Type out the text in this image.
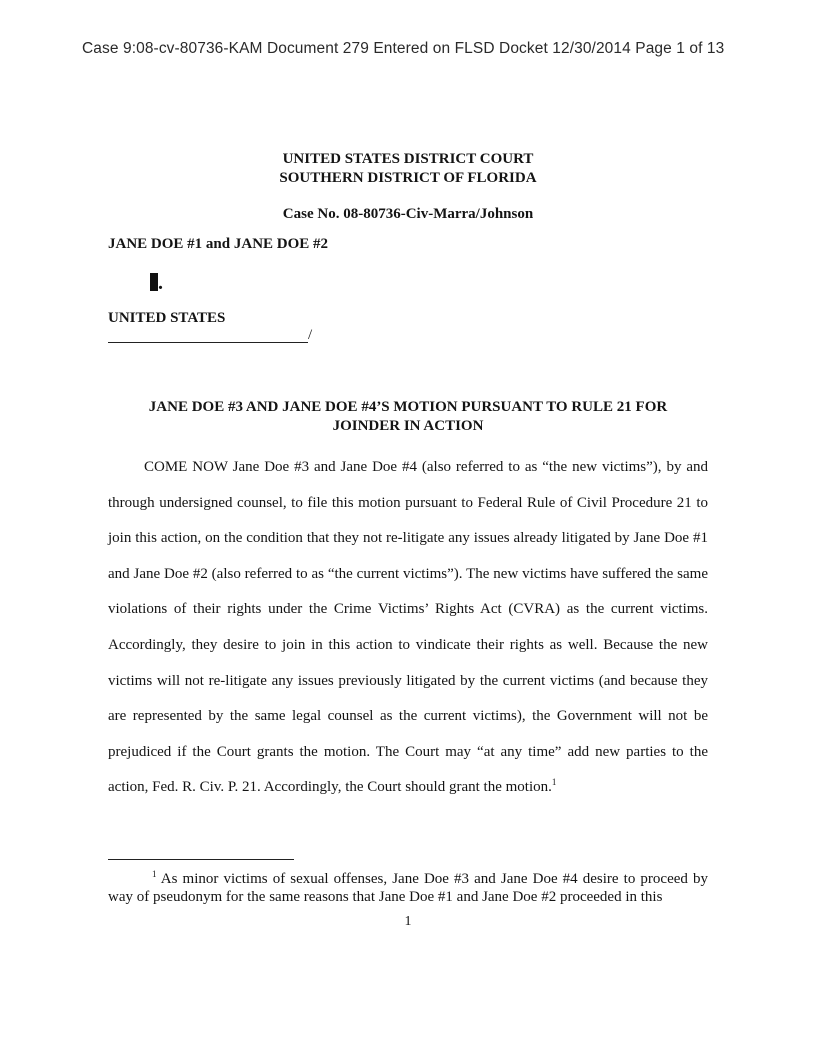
Case 9:08-cv-80736-KAM Document 279 Entered on FLSD Docket 12/30/2014 Page 1 of 13
UNITED STATES DISTRICT COURT
SOUTHERN DISTRICT OF FLORIDA
Case No. 08-80736-Civ-Marra/Johnson
JANE DOE #1 and JANE DOE #2
.
UNITED STATES
/
JANE DOE #3 AND JANE DOE #4’S MOTION PURSUANT TO RULE 21 FOR
JOINDER IN ACTION

COME NOW Jane Doe #3 and Jane Doe #4 (also referred to as “the new victims”), by and through undersigned counsel, to file this motion pursuant to Federal Rule of Civil Procedure 21 to join this action, on the condition that they not re-litigate any issues already litigated by Jane Doe #1 and Jane Doe #2 (also referred to as “the current victims”). The new victims have suffered the same violations of their rights under the Crime Victims’ Rights Act (CVRA) as the current victims. Accordingly, they desire to join in this action to vindicate their rights as well. Because the new victims will not re-litigate any issues previously litigated by the current victims (and because they are represented by the same legal counsel as the current victims), the Government will not be prejudiced if the Court grants the motion. The Court may “at any time” add new parties to the action, Fed. R. Civ. P. 21. Accordingly, the Court should grant the motion.$^1$

$^1$ As minor victims of sexual offenses, Jane Doe #3 and Jane Doe #4 desire to proceed by way of pseudonym for the same reasons that Jane Doe #1 and Jane Doe #2 proceeded in this
1
